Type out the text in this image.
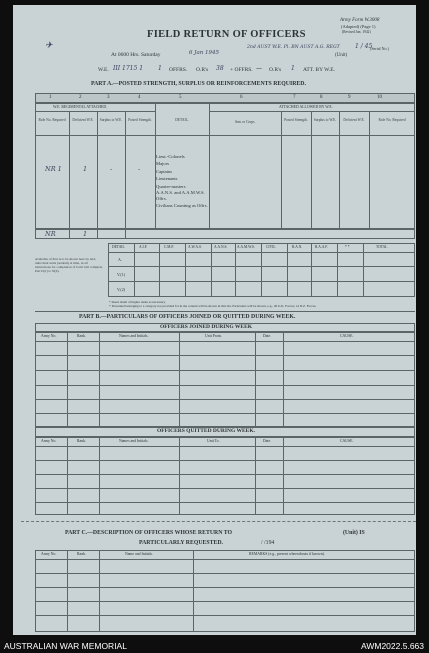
Army Form W.3008
(Adapted) (Page 1)
(Revised Jan. 1942)
FIELD RETURN OF OFFICERS
✈
At 0600 Hrs. Saturday	6 Jan 1945
2nd AUST W.E. Pl. BN AUST A.G. REGT
(Unit)
1 / 45
(Serial No.)
W.E. III 1715 1 1 OFFRS. O.R's 38 + OFFRS. — O.R's 1 ATT. BY W.E.
PART A.—POSTED STRENGTH, SURPLUS OR REINFORCEMENTS REQUIRED.
1	2	3	4	5	6	7	8	9	10
W.E. REGIMENTAL ATTACHED.	ATTACHED ALLOWED BY W.E.
Role No. Required	Deficient W.E.	Surplus to W.E.	Posted Strength.	DETAIL.	Arm or Corps.	Posted Strength.	Surplus to W.E.	Deficient W.E.	Role No. Required
Lieut.-Colonels
Majors
Captains
Lieutenants
Quarter-masters
A.A.N.S. and A.A.M.W.S. Offrs.
Civilians Counting as Offrs.
NR 1	1	-	-
NR	1
Available of Part A to be shown here by ALL units their units (seldom) at time, in all instructions for completion of form will complete Part D(1) to N(6).
DETAIL	A.I.F.	C.M.F.	A.W.A.S.	A.A.N.S.	A.A.M.W.S.	CIVIL	R.A.N.	R.A.A.F.	* *	TOTAL
A.
V.(1)
V.(2)
* Insert detail of higher ranks as necessary.
+ Personnel belonging to a category not provided for in the content will be shown in this list. Particulars will be shown, e.g., 26 U.K. Forces; 14 N.Z. Forces.
PART B.—PARTICULARS OF OFFICERS JOINED OR QUITTED DURING WEEK.
OFFICERS JOINED DURING WEEK
Army No.	Rank.	Names and Initials.	Unit From.	Date.	CAUSE.
OFFICERS QUITTED DURING WEEK.
Army No.	Rank.	Names and Initials.	Unit To.	Date.	CAUSE.
PART C.—DESCRIPTION OF OFFICERS WHOSE RETURN TO	(Unit) IS
PARTICULARLY REQUESTED.	/ /194
Army No.	Rank.	Name and Initials.	REMARKS (e.g., present whereabouts if known).
AUSTRALIAN WAR MEMORIAL	AWM2022.5.663
